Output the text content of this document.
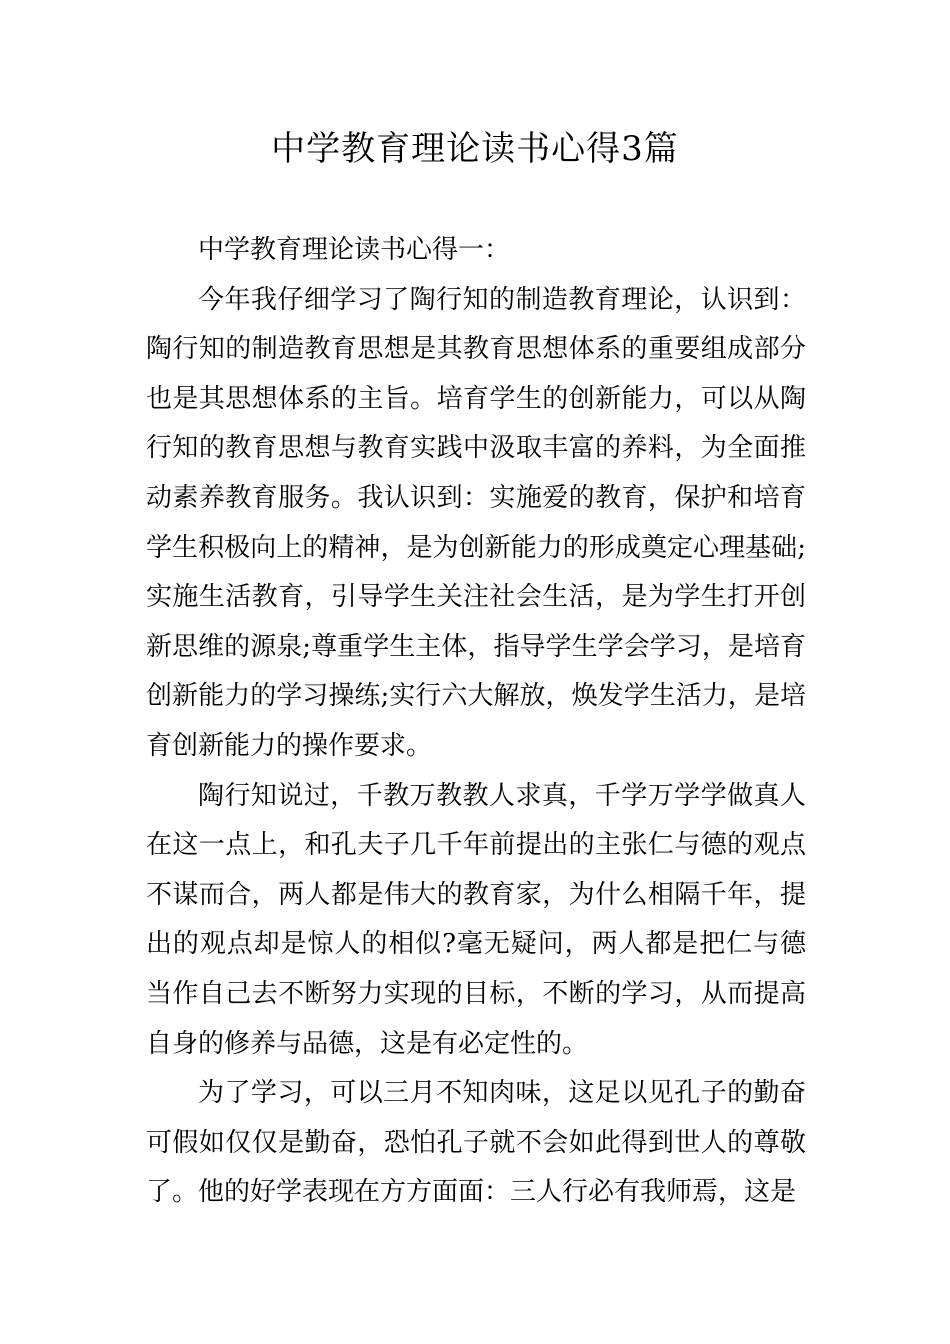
中学教育理论读书心得3篇

中学教育理论读书心得一：

今年我仔细学习了陶行知的制造教育理论，认识到：陶行知的制造教育思想是其教育思想体系的重要组成部分也是其思想体系的主旨。培育学生的创新能力，可以从陶行知的教育思想与教育实践中汲取丰富的养料，为全面推动素养教育服务。我认识到：实施爱的教育，保护和培育学生积极向上的精神，是为创新能力的形成奠定心理基础;实施生活教育，引导学生关注社会生活，是为学生打开创新思维的源泉;尊重学生主体，指导学生学会学习，是培育创新能力的学习操练;实行六大解放，焕发学生活力，是培育创新能力的操作要求。

陶行知说过，千教万教教人求真，千学万学学做真人在这一点上，和孔夫子几千年前提出的主张仁与德的观点不谋而合，两人都是伟大的教育家，为什么相隔千年，提出的观点却是惊人的相似?毫无疑问，两人都是把仁与德当作自己去不断努力实现的目标，不断的学习，从而提高自身的修养与品德，这是有必定性的。

为了学习，可以三月不知肉味，这足以见孔子的勤奋可假如仅仅是勤奋，恐怕孔子就不会如此得到世人的尊敬了。他的好学表现在方方面面：三人行必有我师焉，这是
